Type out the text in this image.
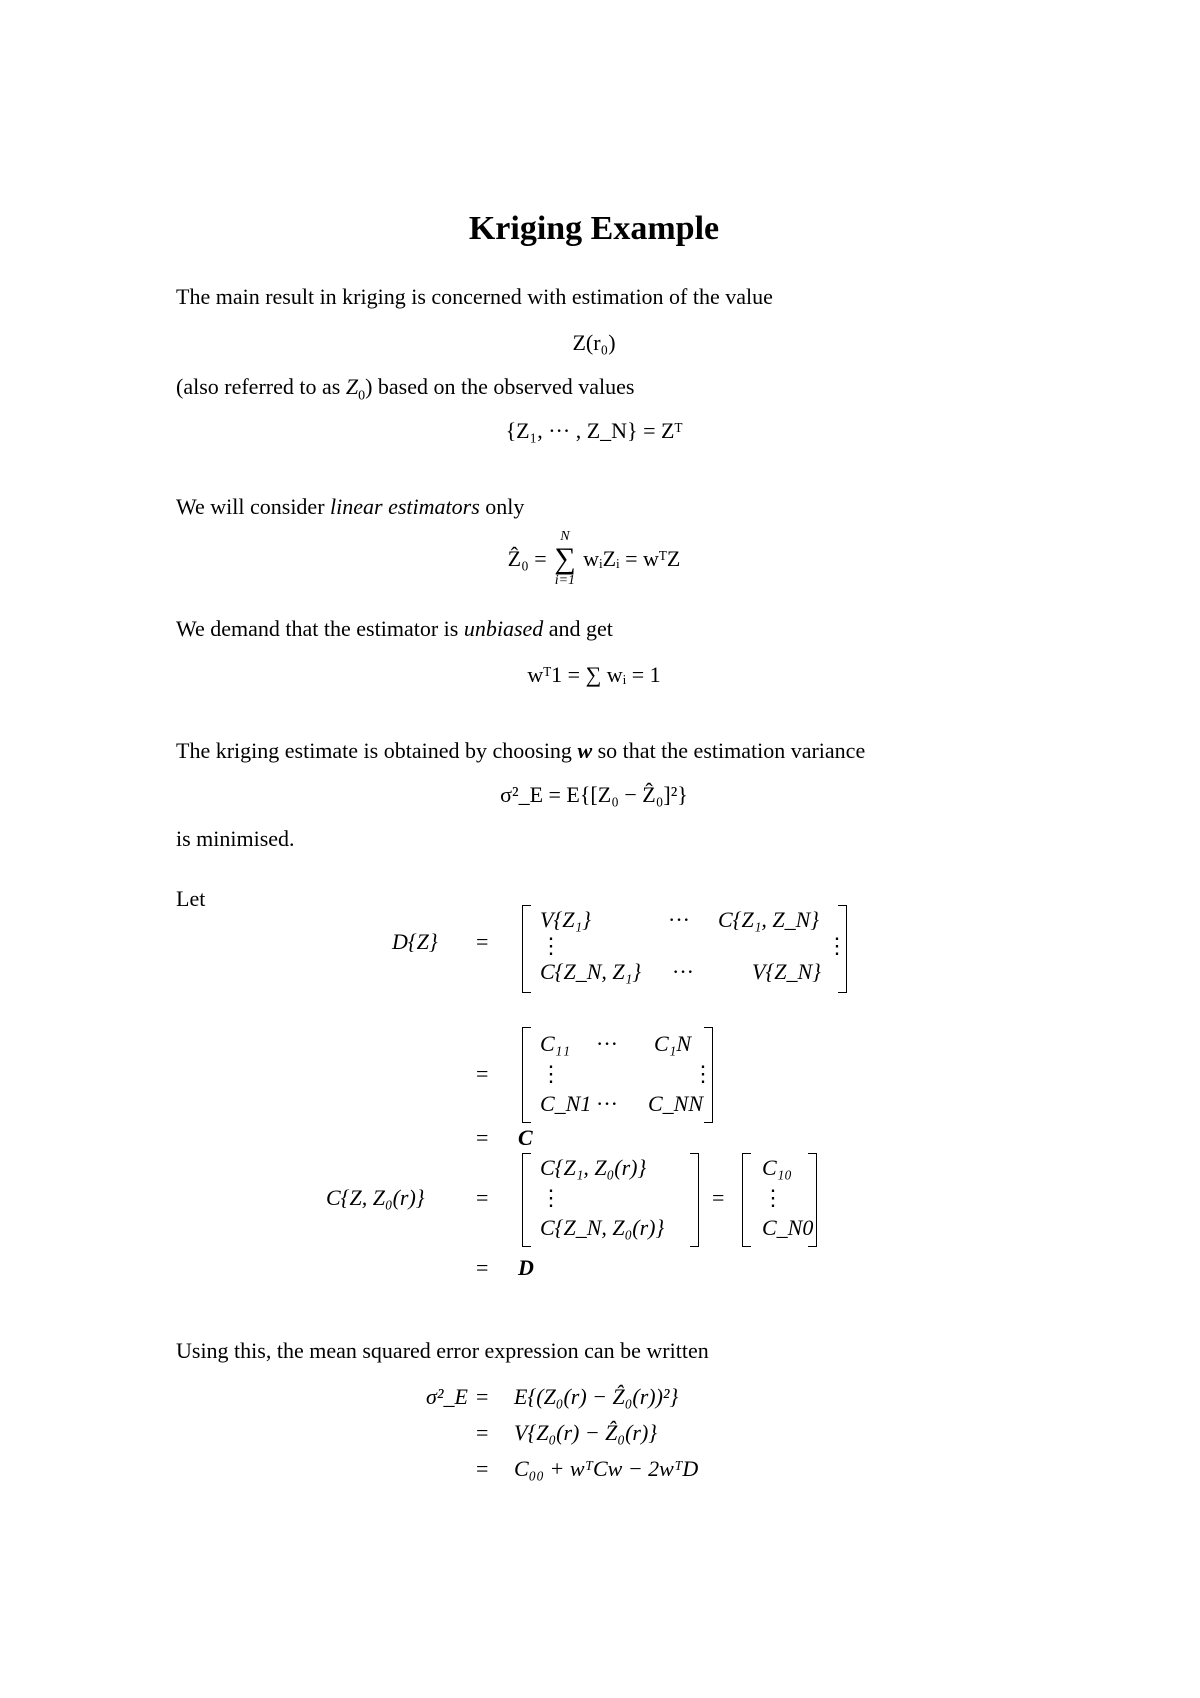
Kriging Example
The main result in kriging is concerned with estimation of the value
Z(r₀)
(also referred to as $Z_0$) based on the observed values
{Z₁, ··· , Z_N} = Zᵀ
We will consider linear estimators only
Ẑ₀ =
N
∑
i=1
wᵢZᵢ = wᵀZ
We demand that the estimator is unbiased and get
wᵀ1 = ∑ wᵢ = 1
The kriging estimate is obtained by choosing w so that the estimation variance
σ²_E = E{[Z₀ − Ẑ₀]²}
is minimised.
Let
D{Z} =
V{Z₁}	··· C{Z₁, Z_N}
⋮	⋮
C{Z_N, Z₁} ···	V{Z_N}
=
C₁₁ ··· C₁N
⋮	⋮
C_N1 ··· C_NN
= C
C{Z, Z₀(r)} =
C{Z₁, Z₀(r)}
⋮
C{Z_N, Z₀(r)}
=
C₁₀
⋮
C_N0
= D
Using this, the mean squared error expression can be written
σ²_E = E{(Z₀(r) − Ẑ₀(r))²}
= V{Z₀(r) − Ẑ₀(r)}
= C₀₀ + wᵀCw − 2wᵀD
